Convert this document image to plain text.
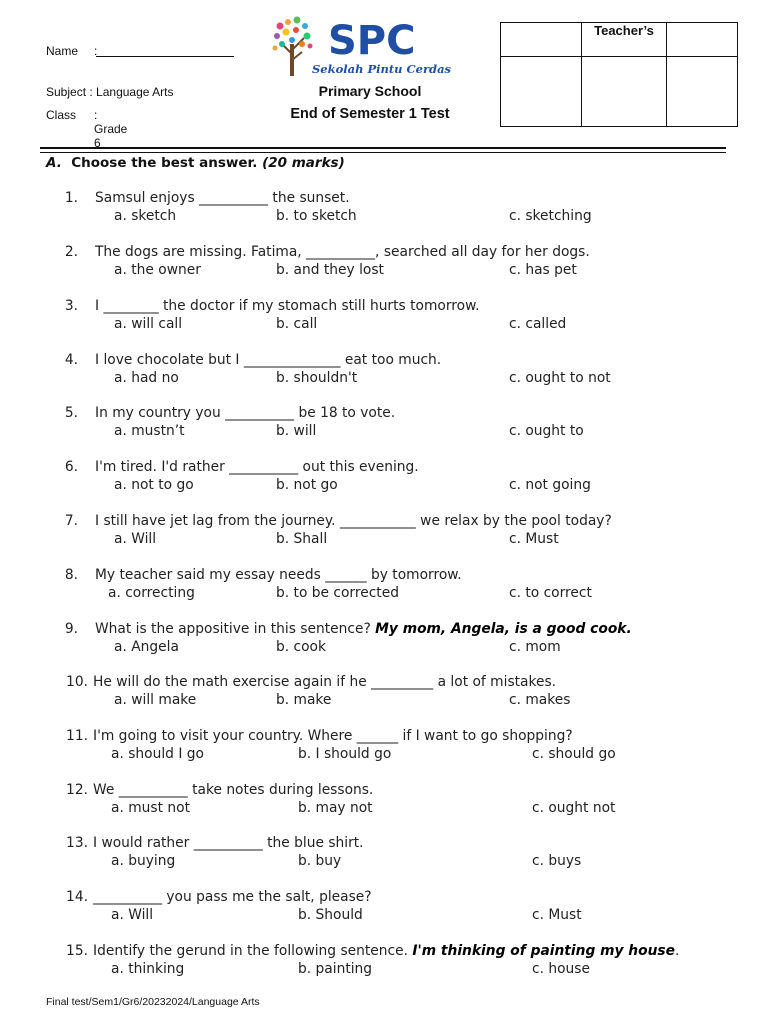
Name :
Subject : Language Arts
Class : Grade 6
SPC
Sekolah Pintu Cerdas
Primary School
End of Semester 1 Test
	Teacher’s	

A. Choose the best answer. (20 marks)
1. Samsul enjoys __________ the sunset.
a. sketch	b. to sketch	c. sketching
2. The dogs are missing. Fatima, __________, searched all day for her dogs.
a. the owner	b. and they lost	c. has pet
3. I ________ the doctor if my stomach still hurts tomorrow.
a. will call	b. call	c. called
4. I love chocolate but I ______________ eat too much.
a. had no	b. shouldn't	c. ought to not
5. In my country you __________ be 18 to vote.
a. mustn’t	b. will	c. ought to
6. I'm tired. I'd rather __________ out this evening.
a. not to go	b. not go	c. not going
7. I still have jet lag from the journey. ___________ we relax by the pool today?
a. Will	b. Shall	c. Must
8. My teacher said my essay needs ______ by tomorrow.
a. correcting	b. to be corrected	c. to correct
9. What is the appositive in this sentence? My mom, Angela, is a good cook.
a. Angela	b. cook	c. mom
10. He will do the math exercise again if he _________ a lot of mistakes.
a. will make	b. make	c. makes
11. I'm going to visit your country. Where ______ if I want to go shopping?
a. should I go	b. I should go	c. should go
12. We __________ take notes during lessons.
a. must not	b. may not	c. ought not
13. I would rather __________ the blue shirt.
a. buying	b. buy	c. buys
14. __________ you pass me the salt, please?
a. Will	b. Should	c. Must
15. Identify the gerund in the following sentence. I'm thinking of painting my house.
a. thinking	b. painting	c. house
Final test/Sem1/Gr6/20232024/Language Arts
